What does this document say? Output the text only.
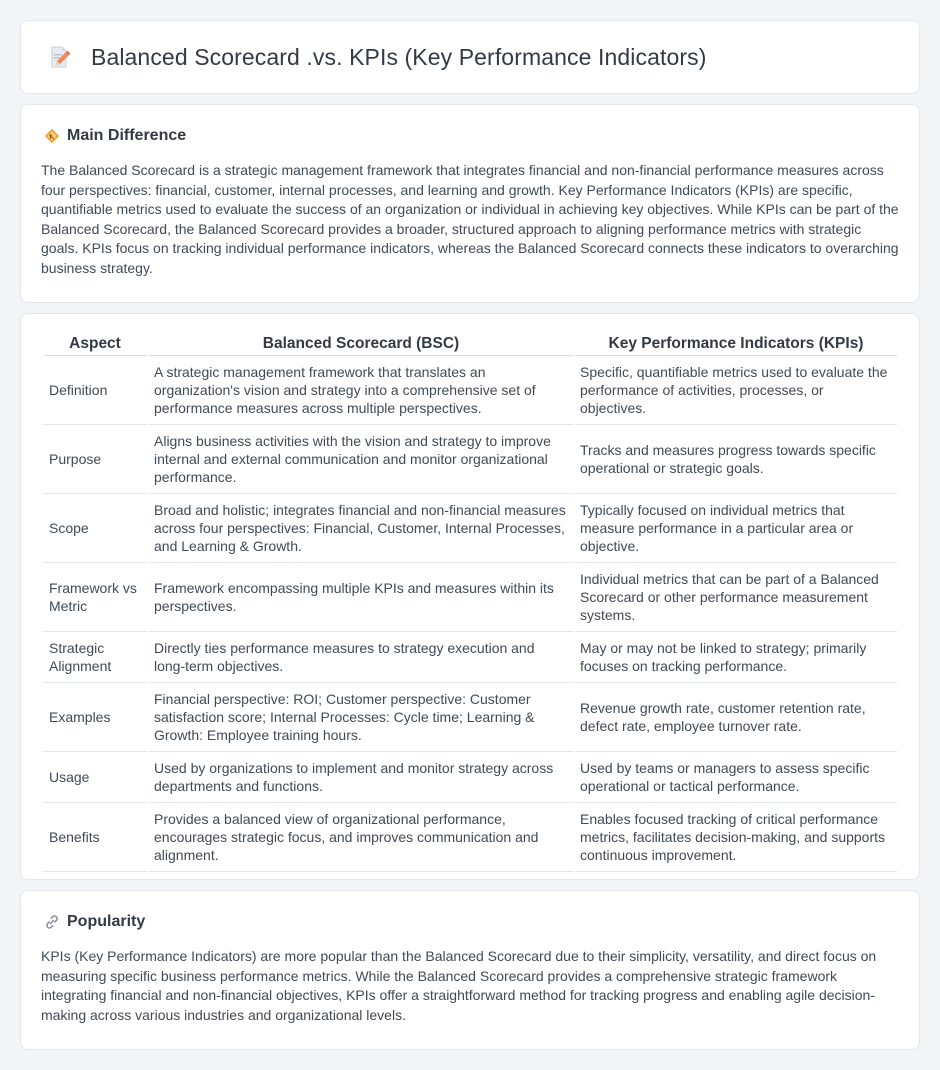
Balanced Scorecard .vs. KPIs (Key Performance Indicators)
Main Difference

The Balanced Scorecard is a strategic management framework that integrates financial and non-financial performance measures across four perspectives: financial, customer, internal processes, and learning and growth. Key Performance Indicators (KPIs) are specific, quantifiable metrics used to evaluate the success of an organization or individual in achieving key objectives. While KPIs can be part of the Balanced Scorecard, the Balanced Scorecard provides a broader, structured approach to aligning performance metrics with strategic goals. KPIs focus on tracking individual performance indicators, whereas the Balanced Scorecard connects these indicators to overarching business strategy.

Aspect	Balanced Scorecard (BSC)	Key Performance Indicators (KPIs)
Definition	A strategic management framework that translates an organization's vision and strategy into a comprehensive set of performance measures across multiple perspectives.	Specific, quantifiable metrics used to evaluate the performance of activities, processes, or objectives.
Purpose	Aligns business activities with the vision and strategy to improve internal and external communication and monitor organizational performance.	Tracks and measures progress towards specific operational or strategic goals.
Scope	Broad and holistic; integrates financial and non-financial measures across four perspectives: Financial, Customer, Internal Processes, and Learning & Growth.	Typically focused on individual metrics that measure performance in a particular area or objective.
Framework vs Metric	Framework encompassing multiple KPIs and measures within its perspectives.	Individual metrics that can be part of a Balanced Scorecard or other performance measurement systems.
Strategic Alignment	Directly ties performance measures to strategy execution and long-term objectives.	May or may not be linked to strategy; primarily focuses on tracking performance.
Examples	Financial perspective: ROI; Customer perspective: Customer satisfaction score; Internal Processes: Cycle time; Learning & Growth: Employee training hours.	Revenue growth rate, customer retention rate, defect rate, employee turnover rate.
Usage	Used by organizations to implement and monitor strategy across departments and functions.	Used by teams or managers to assess specific operational or tactical performance.
Benefits	Provides a balanced view of organizational performance, encourages strategic focus, and improves communication and alignment.	Enables focused tracking of critical performance metrics, facilitates decision-making, and supports continuous improvement.
Popularity

KPIs (Key Performance Indicators) are more popular than the Balanced Scorecard due to their simplicity, versatility, and direct focus on measuring specific business performance metrics. While the Balanced Scorecard provides a comprehensive strategic framework integrating financial and non-financial objectives, KPIs offer a straightforward method for tracking progress and enabling agile decision-making across various industries and organizational levels.
